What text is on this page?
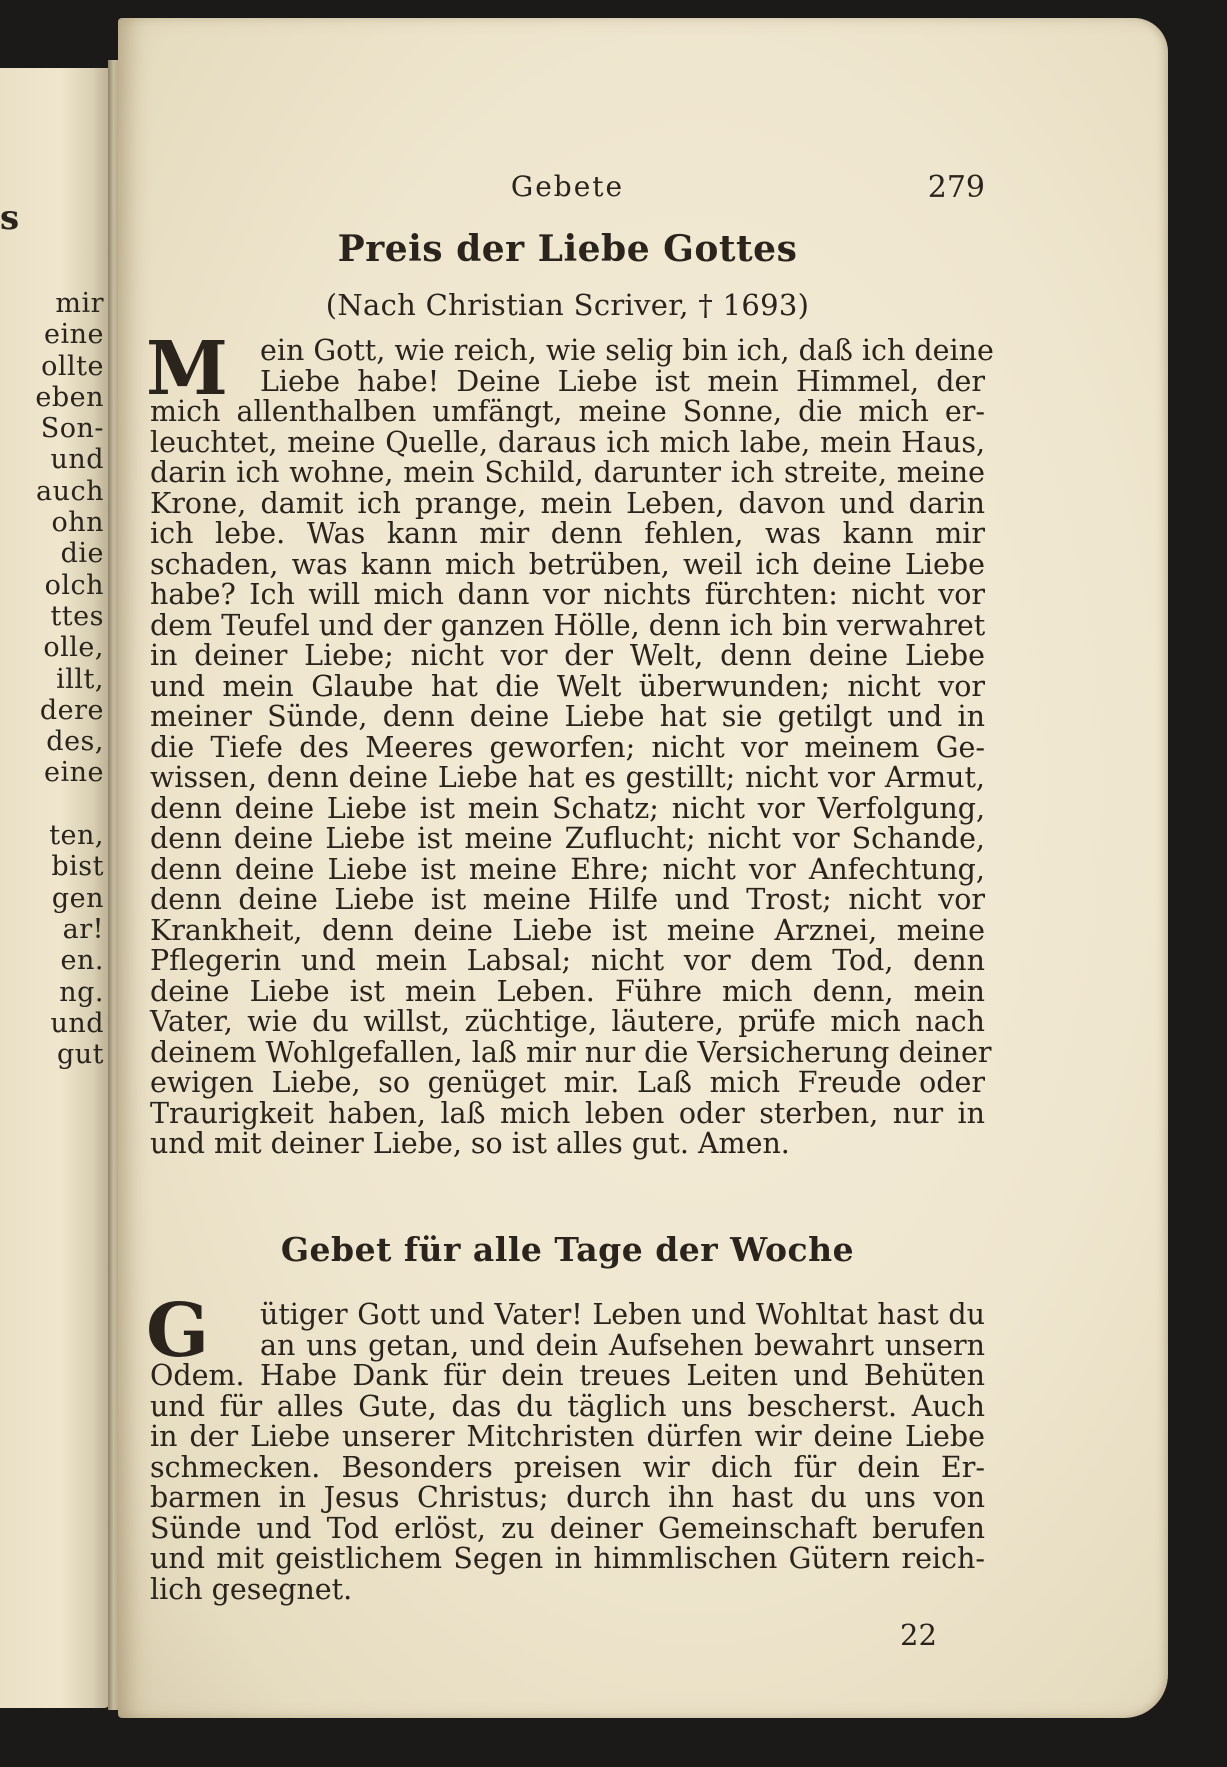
s
mir
eine
ollte
eben
Son-
und
auch
ohn
die
olch
ttes
olle,
illt,
dere
des,
eine
ten,
bist
gen
ar!
en.
ng.
und
gut
Gebete	279
Preis der Liebe Gottes
(Nach Christian Scriver, † 1693)
M	ein Gott, wie reich, wie selig bin ich, daß ich deine
Liebe habe! Deine Liebe ist mein Himmel, der
mich allenthalben umfängt, meine Sonne, die mich er-
leuchtet, meine Quelle, daraus ich mich labe, mein Haus,
darin ich wohne, mein Schild, darunter ich streite, meine
Krone, damit ich prange, mein Leben, davon und darin
ich lebe. Was kann mir denn fehlen, was kann mir
schaden, was kann mich betrüben, weil ich deine Liebe
habe? Ich will mich dann vor nichts fürchten: nicht vor
dem Teufel und der ganzen Hölle, denn ich bin verwahret
in deiner Liebe; nicht vor der Welt, denn deine Liebe
und mein Glaube hat die Welt überwunden; nicht vor
meiner Sünde, denn deine Liebe hat sie getilgt und in
die Tiefe des Meeres geworfen; nicht vor meinem Ge-
wissen, denn deine Liebe hat es gestillt; nicht vor Armut,
denn deine Liebe ist mein Schatz; nicht vor Verfolgung,
denn deine Liebe ist meine Zuflucht; nicht vor Schande,
denn deine Liebe ist meine Ehre; nicht vor Anfechtung,
denn deine Liebe ist meine Hilfe und Trost; nicht vor
Krankheit, denn deine Liebe ist meine Arznei, meine
Pflegerin und mein Labsal; nicht vor dem Tod, denn
deine Liebe ist mein Leben. Führe mich denn, mein
Vater, wie du willst, züchtige, läutere, prüfe mich nach
deinem Wohlgefallen, laß mir nur die Versicherung deiner
ewigen Liebe, so genüget mir. Laß mich Freude oder
Traurigkeit haben, laß mich leben oder sterben, nur in
und mit deiner Liebe, so ist alles gut. Amen.
Gebet für alle Tage der Woche
G	ütiger Gott und Vater! Leben und Wohltat hast du
an uns getan, und dein Aufsehen bewahrt unsern
Odem. Habe Dank für dein treues Leiten und Behüten
und für alles Gute, das du täglich uns bescherst. Auch
in der Liebe unserer Mitchristen dürfen wir deine Liebe
schmecken. Besonders preisen wir dich für dein Er-
barmen in Jesus Christus; durch ihn hast du uns von
Sünde und Tod erlöst, zu deiner Gemeinschaft berufen
und mit geistlichem Segen in himmlischen Gütern reich-
lich gesegnet.
22
